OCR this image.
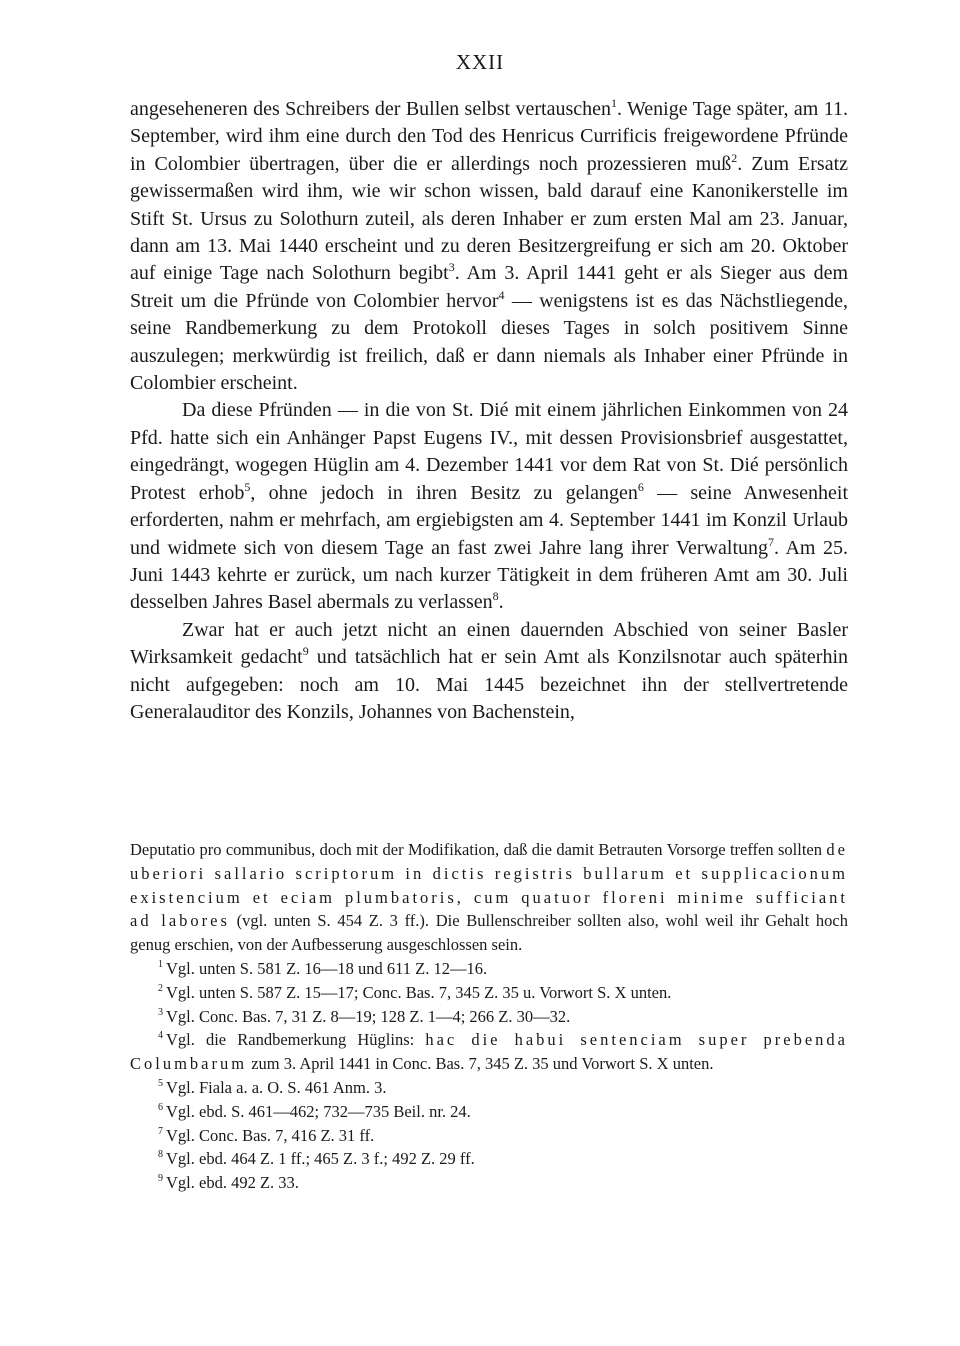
XXII

angeseheneren des Schreibers der Bullen selbst vertauschen$^1$. Wenige Tage später, am 11. September, wird ihm eine durch den Tod des Henricus Currificis freigewordene Pfründe in Colombier übertragen, über die er allerdings noch prozessieren muß$^2$. Zum Ersatz gewissermaßen wird ihm, wie wir schon wissen, bald darauf eine Kanonikerstelle im Stift St. Ursus zu Solothurn zuteil, als deren Inhaber er zum ersten Mal am 23. Januar, dann am 13. Mai 1440 erscheint und zu deren Besitzergreifung er sich am 20. Oktober auf einige Tage nach Solothurn begibt$^3$. Am 3. April 1441 geht er als Sieger aus dem Streit um die Pfründe von Colombier hervor$^4$ — wenigstens ist es das Nächstliegende, seine Randbemerkung zu dem Protokoll dieses Tages in solch positivem Sinne auszulegen; merkwürdig ist freilich, daß er dann niemals als Inhaber einer Pfründe in Colombier erscheint.

Da diese Pfründen — in die von St. Dié mit einem jährlichen Einkommen von 24 Pfd. hatte sich ein Anhänger Papst Eugens IV., mit dessen Provisionsbrief ausgestattet, eingedrängt, wogegen Hüglin am 4. Dezember 1441 vor dem Rat von St. Dié persönlich Protest erhob$^5$, ohne jedoch in ihren Besitz zu gelangen$^6$ — seine Anwesenheit erforderten, nahm er mehrfach, am ergiebigsten am 4. September 1441 im Konzil Urlaub und widmete sich von diesem Tage an fast zwei Jahre lang ihrer Verwaltung$^7$. Am 25. Juni 1443 kehrte er zurück, um nach kurzer Tätigkeit in dem früheren Amt am 30. Juli desselben Jahres Basel abermals zu verlassen$^8$.

Zwar hat er auch jetzt nicht an einen dauernden Abschied von seiner Basler Wirksamkeit gedacht$^9$ und tatsächlich hat er sein Amt als Konzilsnotar auch späterhin nicht aufgegeben: noch am 10. Mai 1445 bezeichnet ihn der stellvertretende Generalauditor des Konzils, Johannes von Bachenstein,

Deputatio pro communibus, doch mit der Modifikation, daß die damit Betrauten Vorsorge treffen sollten de uberiori sallario scriptorum in dictis registris bullarum et supplicacionum existencium et eciam plumbatoris, cum quatuor floreni minime sufficiant ad labores (vgl. unten S. 454 Z. 3 ff.). Die Bullenschreiber sollten also, wohl weil ihr Gehalt hoch genug erschien, von der Aufbesserung ausgeschlossen sein.

$^1$ Vgl. unten S. 581 Z. 16—18 und 611 Z. 12—16.

$^2$ Vgl. unten S. 587 Z. 15—17; Conc. Bas. 7, 345 Z. 35 u. Vorwort S. X unten.

$^3$ Vgl. Conc. Bas. 7, 31 Z. 8—19; 128 Z. 1—4; 266 Z. 30—32.

$^4$ Vgl. die Randbemerkung Hüglins: hac die habui sentenciam super prebenda Columbarum zum 3. April 1441 in Conc. Bas. 7, 345 Z. 35 und Vorwort S. X unten.

$^5$ Vgl. Fiala a. a. O. S. 461 Anm. 3.

$^6$ Vgl. ebd. S. 461—462; 732—735 Beil. nr. 24.

$^7$ Vgl. Conc. Bas. 7, 416 Z. 31 ff.

$^8$ Vgl. ebd. 464 Z. 1 ff.; 465 Z. 3 f.; 492 Z. 29 ff.

$^9$ Vgl. ebd. 492 Z. 33.
